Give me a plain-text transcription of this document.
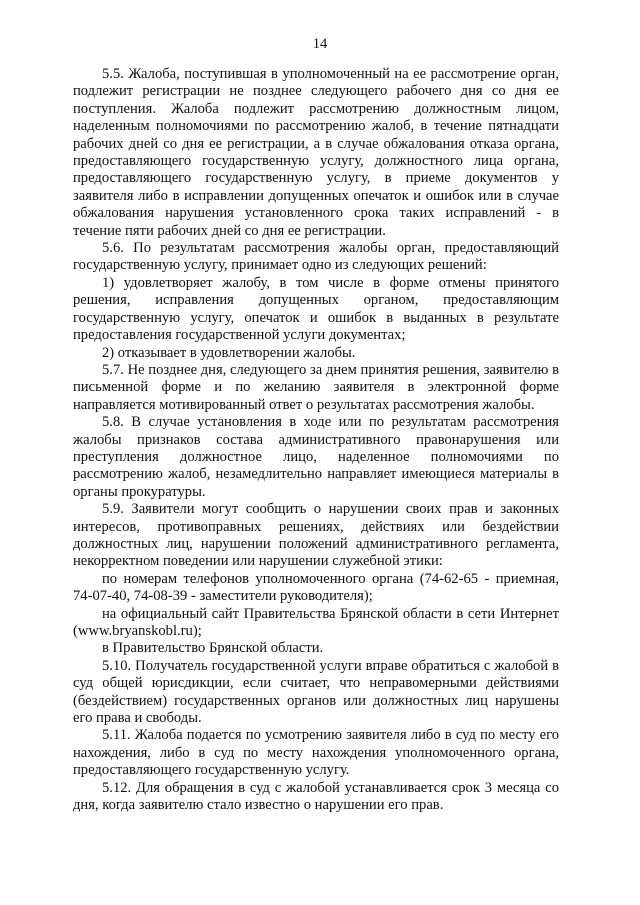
14

5.5. Жалоба, поступившая в уполномоченный на ее рассмотрение орган, подлежит регистрации не позднее следующего рабочего дня со дня ее поступления. Жалоба подлежит рассмотрению должностным лицом, наделенным полномочиями по рассмотрению жалоб, в течение пятнадцати рабочих дней со дня ее регистрации, а в случае обжалования отказа органа, предоставляющего государственную услугу, должностного лица органа, предоставляющего государственную услугу, в приеме документов у заявителя либо в исправлении допущенных опечаток и ошибок или в случае обжалования нарушения установленного срока таких исправлений - в течение пяти рабочих дней со дня ее регистрации.

5.6. По результатам рассмотрения жалобы орган, предоставляющий государственную услугу, принимает одно из следующих решений:

1) удовлетворяет жалобу, в том числе в форме отмены принятого решения, исправления допущенных органом, предоставляющим государственную услугу, опечаток и ошибок в выданных в результате предоставления государственной услуги документах;

2) отказывает в удовлетворении жалобы.

5.7. Не позднее дня, следующего за днем принятия решения, заявителю в письменной форме и по желанию заявителя в электронной форме направляется мотивированный ответ о результатах рассмотрения жалобы.

5.8. В случае установления в ходе или по результатам рассмотрения жалобы признаков состава административного правонарушения или преступления должностное лицо, наделенное полномочиями по рассмотрению жалоб, незамедлительно направляет имеющиеся материалы в органы прокуратуры.

5.9. Заявители могут сообщить о нарушении своих прав и законных интересов, противоправных решениях, действиях или бездействии должностных лиц, нарушении положений административного регламента, некорректном поведении или нарушении служебной этики:

по номерам телефонов уполномоченного органа (74-62-65 - приемная, 74-07-40, 74-08-39 - заместители руководителя);

на официальный сайт Правительства Брянской области в сети Интернет (www.bryanskobl.ru);

в Правительство Брянской области.

5.10. Получатель государственной услуги вправе обратиться с жалобой в суд общей юрисдикции, если считает, что неправомерными действиями (бездействием) государственных органов или должностных лиц нарушены его права и свободы.

5.11. Жалоба подается по усмотрению заявителя либо в суд по месту его нахождения, либо в суд по месту нахождения уполномоченного органа, предоставляющего государственную услугу.

5.12. Для обращения в суд с жалобой устанавливается срок 3 месяца со дня, когда заявителю стало известно о нарушении его прав.
